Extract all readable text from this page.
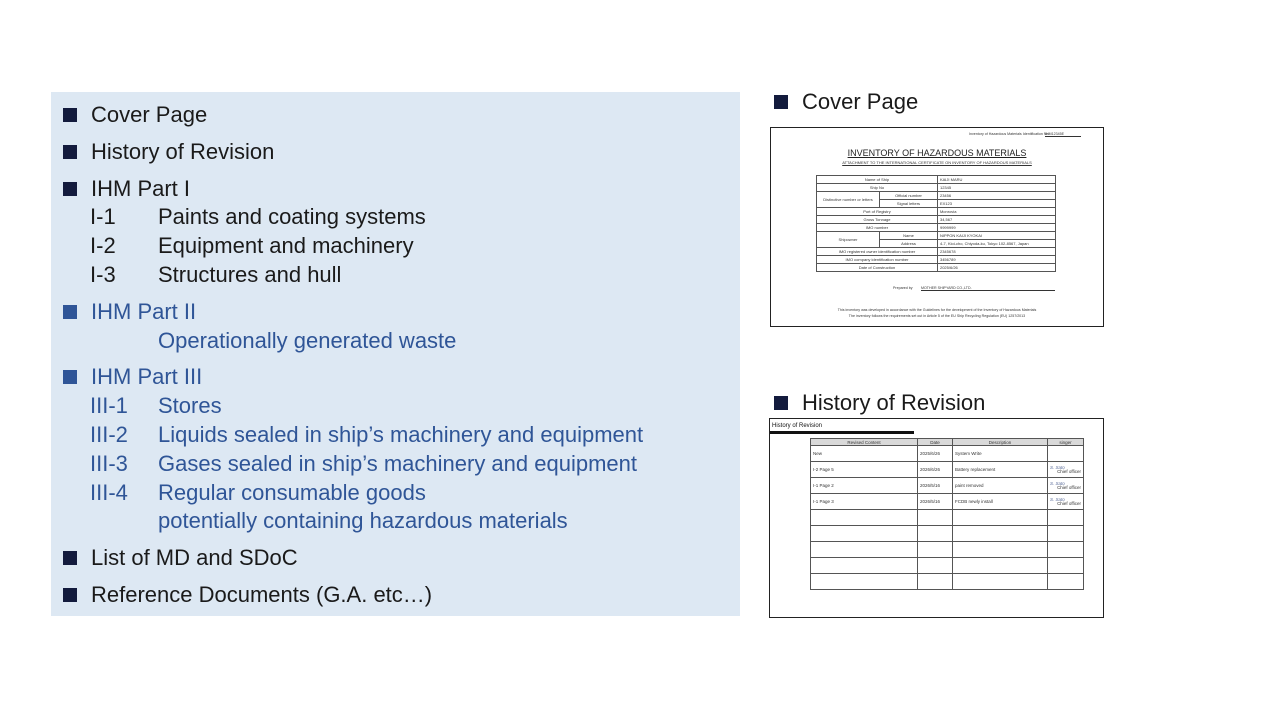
Cover Page
History of Revision
IHM Part I
I-1 Paints and coating systems
I-2 Equipment and machinery
I-3 Structures and hull
IHM Part II
Operationally generated waste
IHM Part III
III-1 Stores
III-2 Liquids sealed in ship’s machinery and equipment
III-3 Gases sealed in ship’s machinery and equipment
III-4 Regular consumable goods
potentially containing hazardous materials
List of MD and SDoC
Reference Documents (G.A. etc…)
Cover Page
Inventory of Hazardous Materials Identification No.
IHM12345E
INVENTORY OF HAZARDOUS MATERIALS
ATTACHMENT TO THE INTERNATIONAL CERTIFICATE ON INVENTORY OF HAZARDOUS MATERIALS
Name of Ship		KAIJI MARU
Ship No		12345
Distinctive number or letters	Official number	23456
	Signal letters	EX123
Port of Registry		Monrovia
Gross Tonnage		34,567
IMO number		9999999
Shipowner	Name	NIPPON KAIJI KYOKAI
	Address	4-7, Kioi-cho, Chiyoda-ku, Tokyo 102-8567, Japan
IMO registered owner identification number		2345678
IMO company identification number		3456789
Date of Construction		2025/6/26
Prepared by MOTHER SHIPYARD CO.,LTD.
This inventory was developed in accordance with the Guidelines for the development of the Inventory of Hazardous Materials
The inventory follows the requirements set out in Article 5 of the EU Ship Recycling Regulation (EU) 1257/2013
History of Revision
History of Revision
Revised Content	Date	Description	singer
New	2025/6/26	System Write	
I-2 Page 5	2026/6/26	Battery replacement	S. Sato

Chief officer

I-1 Page 2	2026/5/16	paint removed	S. Sato

Chief officer

I-1 Page 3	2026/5/16	FCDB newly install	S. Sato

Chief officer
